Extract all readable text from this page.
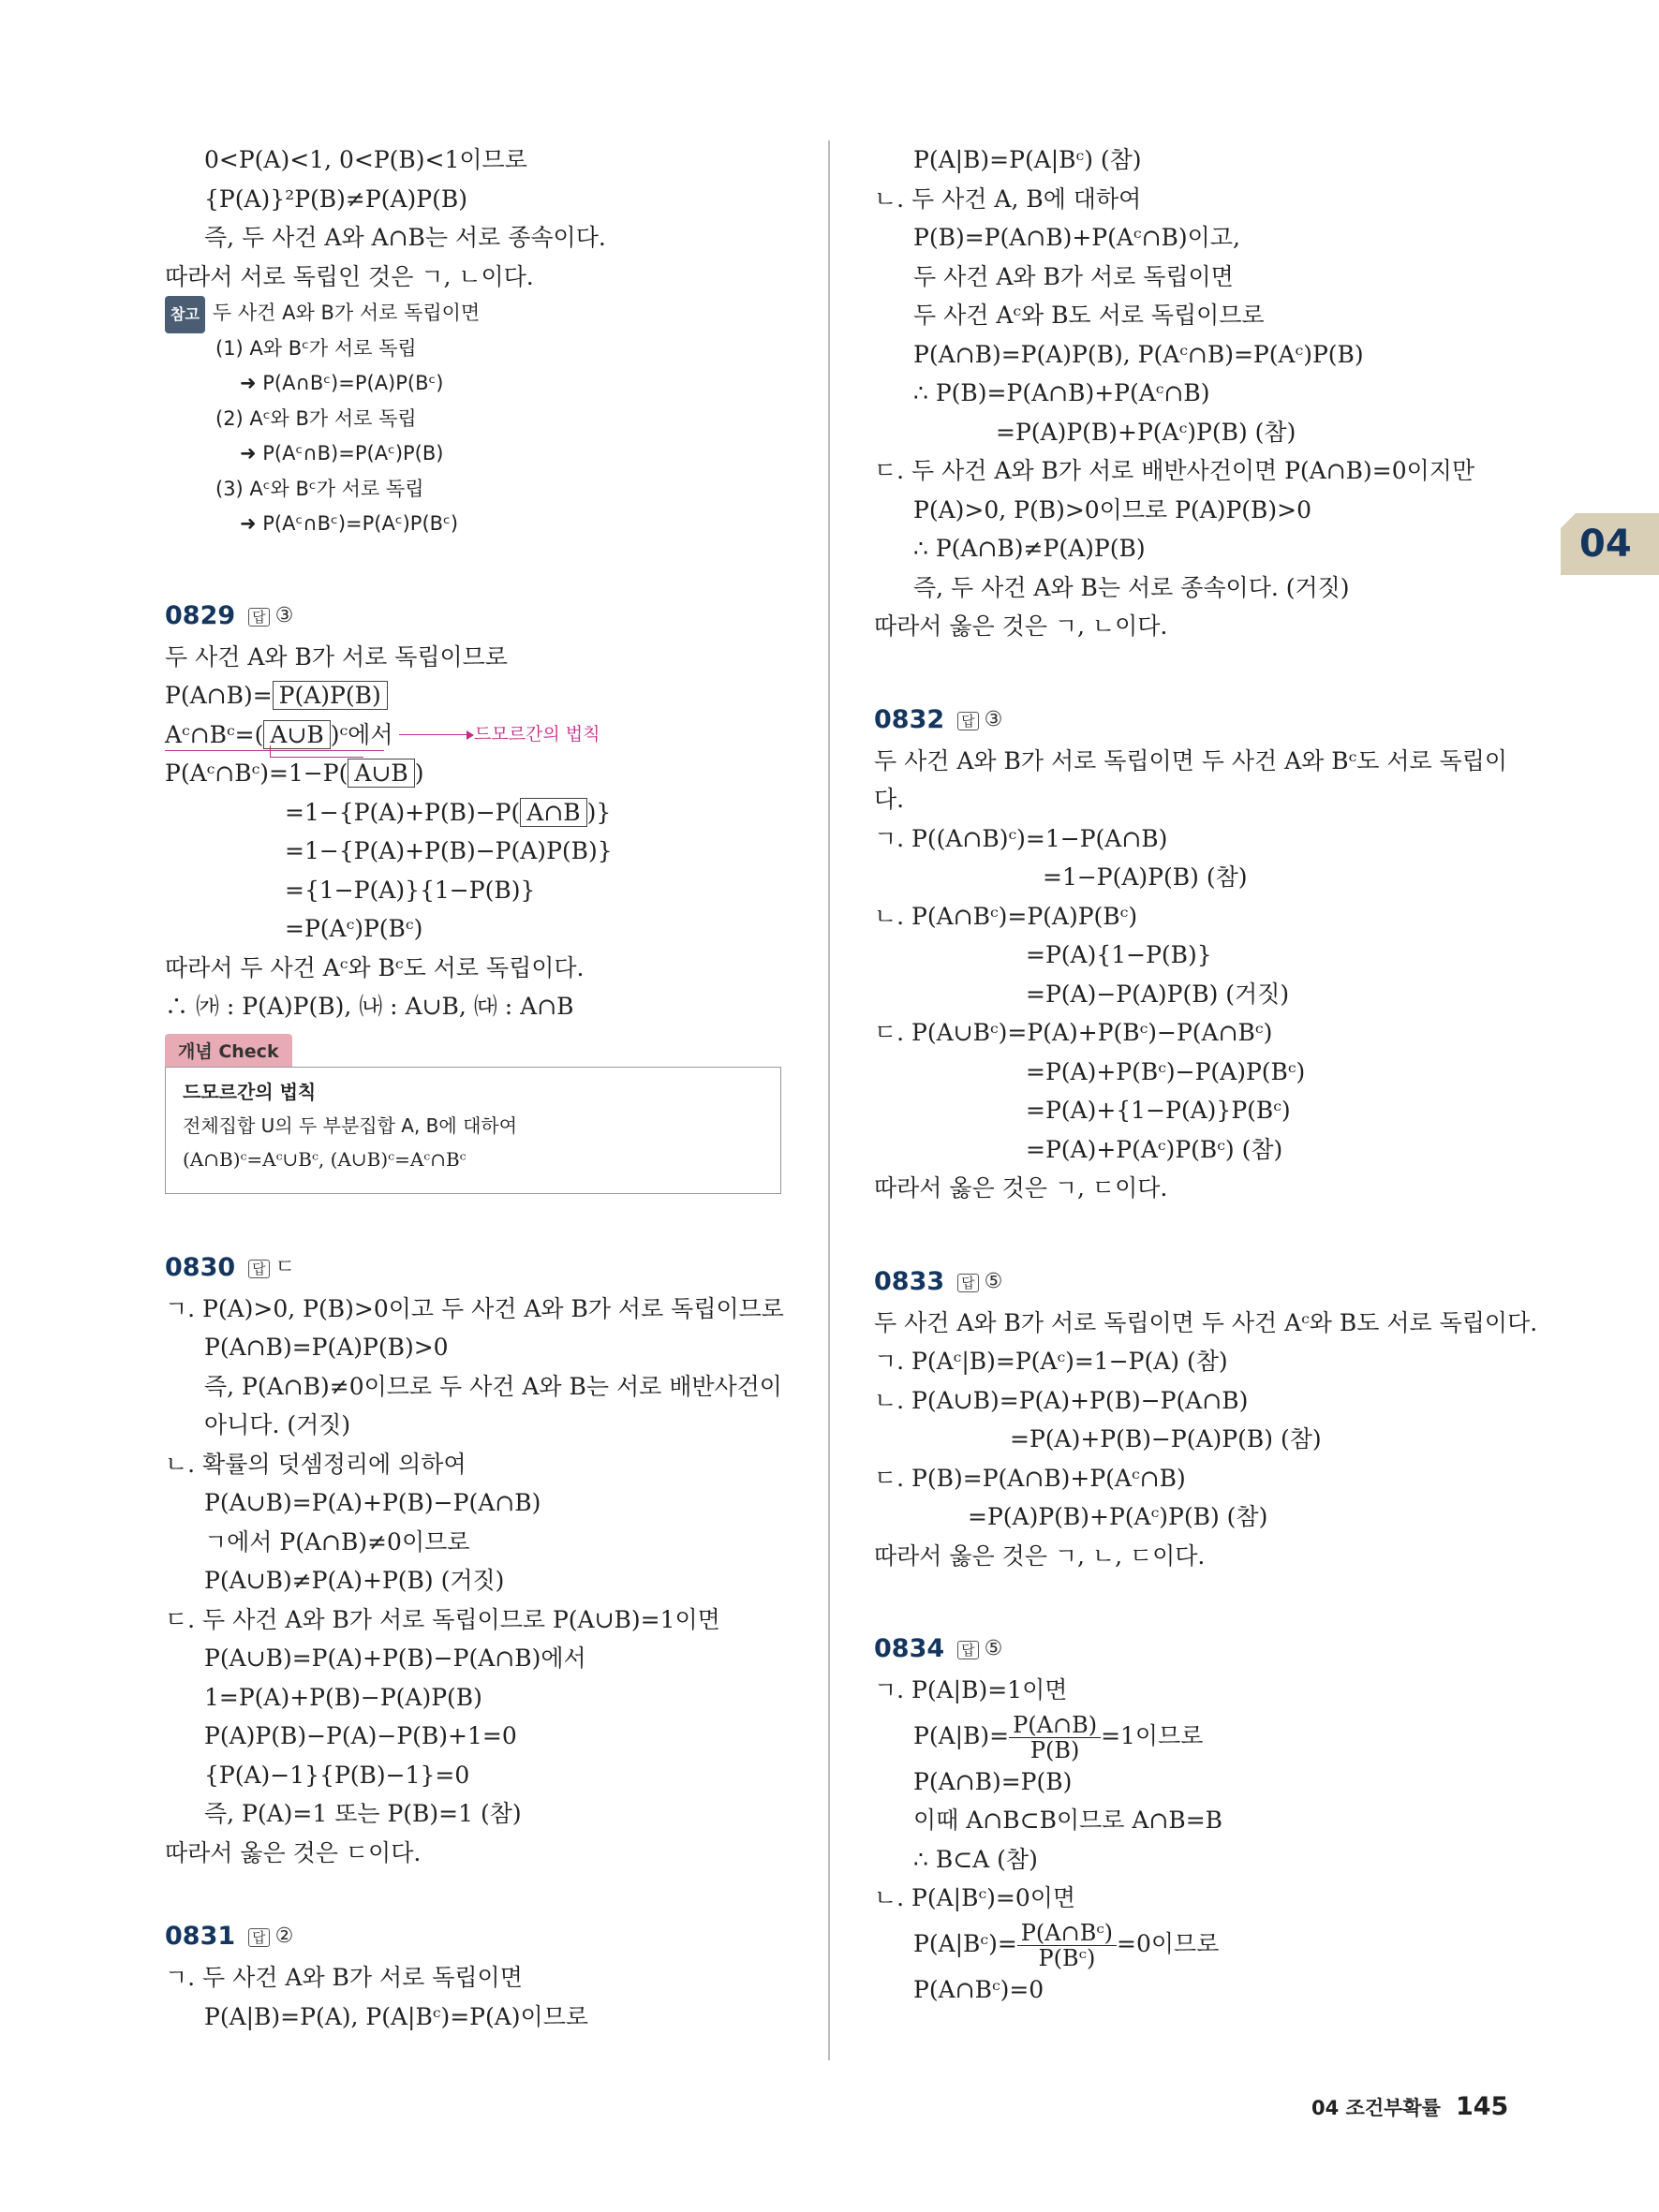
0<P(A)<1, 0<P(B)<1이므로
{P(A)}²P(B)≠P(A)P(B)
즉, 두 사건 A와 A∩B는 서로 종속이다.
따라서 서로 독립인 것은 ㄱ, ㄴ이다.
참고 두 사건 A와 B가 서로 독립이면
(1) A와 Bᶜ가 서로 독립
➜ P(A∩Bᶜ)=P(A)P(Bᶜ)
(2) Aᶜ와 B가 서로 독립
➜ P(Aᶜ∩B)=P(Aᶜ)P(B)
(3) Aᶜ와 Bᶜ가 서로 독립
➜ P(Aᶜ∩Bᶜ)=P(Aᶜ)P(Bᶜ)
0829 답 ③
두 사건 A와 B가 서로 독립이므로
P(A∩B)= P(A)P(B)
Aᶜ∩Bᶜ=( A∪B )ᶜ에서	드모르간의 법칙
P(Aᶜ∩Bᶜ)=1−P( A∪B )
=1−{P(A)+P(B)−P( A∩B )}
=1−{P(A)+P(B)−P(A)P(B)}
={1−P(A)}{1−P(B)}
=P(Aᶜ)P(Bᶜ)
따라서 두 사건 Aᶜ와 Bᶜ도 서로 독립이다.
∴ ㈎ : P(A)P(B), ㈏ : A∪B, ㈐ : A∩B
개념 Check
드모르간의 법칙
전체집합 U의 두 부분집합 A, B에 대하여
(A∩B)ᶜ=Aᶜ∪Bᶜ, (A∪B)ᶜ=Aᶜ∩Bᶜ
0830 답 ㄷ
ㄱ. P(A)>0, P(B)>0이고 두 사건 A와 B가 서로 독립이므로
P(A∩B)=P(A)P(B)>0
즉, P(A∩B)≠0이므로 두 사건 A와 B는 서로 배반사건이
아니다. (거짓)
ㄴ. 확률의 덧셈정리에 의하여
P(A∪B)=P(A)+P(B)−P(A∩B)
ㄱ에서 P(A∩B)≠0이므로
P(A∪B)≠P(A)+P(B) (거짓)
ㄷ. 두 사건 A와 B가 서로 독립이므로 P(A∪B)=1이면
P(A∪B)=P(A)+P(B)−P(A∩B)에서
1=P(A)+P(B)−P(A)P(B)
P(A)P(B)−P(A)−P(B)+1=0
{P(A)−1}{P(B)−1}=0
즉, P(A)=1 또는 P(B)=1 (참)
따라서 옳은 것은 ㄷ이다.
0831 답 ②
ㄱ. 두 사건 A와 B가 서로 독립이면
P(A|B)=P(A), P(A|Bᶜ)=P(A)이므로
P(A|B)=P(A|Bᶜ) (참)
ㄴ. 두 사건 A, B에 대하여
P(B)=P(A∩B)+P(Aᶜ∩B)이고,
두 사건 A와 B가 서로 독립이면
두 사건 Aᶜ와 B도 서로 독립이므로
P(A∩B)=P(A)P(B), P(Aᶜ∩B)=P(Aᶜ)P(B)
∴ P(B)=P(A∩B)+P(Aᶜ∩B)
=P(A)P(B)+P(Aᶜ)P(B) (참)
ㄷ. 두 사건 A와 B가 서로 배반사건이면 P(A∩B)=0이지만
P(A)>0, P(B)>0이므로 P(A)P(B)>0
∴ P(A∩B)≠P(A)P(B)
즉, 두 사건 A와 B는 서로 종속이다. (거짓)
따라서 옳은 것은 ㄱ, ㄴ이다.
0832 답 ③
두 사건 A와 B가 서로 독립이면 두 사건 A와 Bᶜ도 서로 독립이
다.
ㄱ. P((A∩B)ᶜ)=1−P(A∩B)
=1−P(A)P(B) (참)
ㄴ. P(A∩Bᶜ)=P(A)P(Bᶜ)
=P(A){1−P(B)}
=P(A)−P(A)P(B) (거짓)
ㄷ. P(A∪Bᶜ)=P(A)+P(Bᶜ)−P(A∩Bᶜ)
=P(A)+P(Bᶜ)−P(A)P(Bᶜ)
=P(A)+{1−P(A)}P(Bᶜ)
=P(A)+P(Aᶜ)P(Bᶜ) (참)
따라서 옳은 것은 ㄱ, ㄷ이다.
0833 답 ⑤
두 사건 A와 B가 서로 독립이면 두 사건 Aᶜ와 B도 서로 독립이다.
ㄱ. P(Aᶜ|B)=P(Aᶜ)=1−P(A) (참)
ㄴ. P(A∪B)=P(A)+P(B)−P(A∩B)
=P(A)+P(B)−P(A)P(B) (참)
ㄷ. P(B)=P(A∩B)+P(Aᶜ∩B)
=P(A)P(B)+P(Aᶜ)P(B) (참)
따라서 옳은 것은 ㄱ, ㄴ, ㄷ이다.
0834 답 ⑤
ㄱ. P(A|B)=1이면
$P(A|B)= \frac{P(A\cap B)}{P(B)} =1$이므로
P(A∩B)=P(B)
이때 A∩B⊂B이므로 A∩B=B
∴ B⊂A (참)
ㄴ. P(A|Bᶜ)=0이면
P(A|Bᶜ)= $\frac{\text{P(A∩Bᶜ)}}{\text{P(Bᶜ)}} =0$이므로
P(A∩Bᶜ)=0
04
04 조건부확률 145
